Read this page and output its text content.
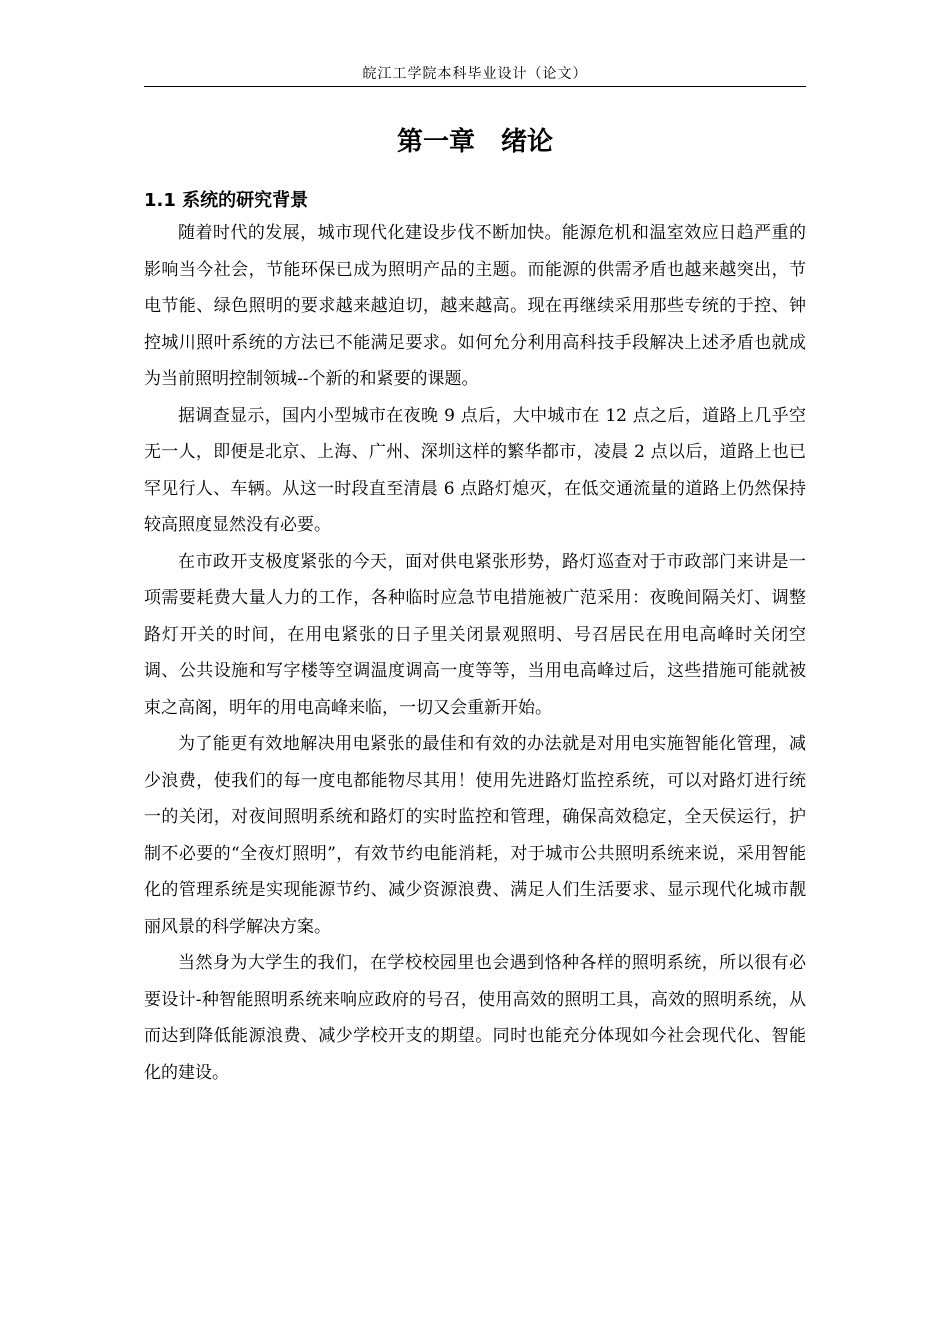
皖江工学院本科毕业设计（论文）
第一章　绪论
1.1 系统的研究背景

随着时代的发展，城市现代化建设步伐不断加快。能源危机和温室效应日趋严重的影响当今社会，节能环保已成为照明产品的主题。而能源的供需矛盾也越来越突出，节电节能、绿色照明的要求越来越迫切，越来越高。现在再继续采用那些专统的于控、钟控城川照叶系统的方法已不能满足要求。如何允分利用高科技手段解决上述矛盾也就成为当前照明控制领城--个新的和紧要的课题。

据调查显示，国内小型城市在夜晚 9 点后，大中城市在 12 点之后，道路上几乎空无一人，即便是北京、上海、广州、深圳这样的繁华都市，凌晨 2 点以后，道路上也已罕见行人、车辆。从这一时段直至清晨 6 点路灯熄灭，在低交通流量的道路上仍然保持较高照度显然没有必要。

在市政开支极度紧张的今天，面对供电紧张形势，路灯巡查对于市政部门来讲是一项需要耗费大量人力的工作，各种临时应急节电措施被广范采用：夜晚间隔关灯、调整路灯开关的时间，在用电紧张的日子里关闭景观照明、号召居民在用电高峰时关闭空调、公共设施和写字楼等空调温度调高一度等等，当用电高峰过后，这些措施可能就被束之高阁，明年的用电高峰来临，一切又会重新开始。

为了能更有效地解决用电紧张的最佳和有效的办法就是对用电实施智能化管理，减少浪费，使我们的每一度电都能物尽其用！使用先进路灯监控系统，可以对路灯进行统一的关闭，对夜间照明系统和路灯的实时监控和管理，确保高效稳定，全天侯运行，护制不必要的“全夜灯照明”，有效节约电能消耗，对于城市公共照明系统来说，采用智能化的管理系统是实现能源节约、减少资源浪费、满足人们生活要求、显示现代化城市靓丽风景的科学解决方案。

当然身为大学生的我们，在学校校园里也会遇到恪种各样的照明系统，所以很有必要设计-种智能照明系统来响应政府的号召，使用高效的照明工具，高效的照明系统，从而达到降低能源浪费、减少学校开支的期望。同时也能充分体现如今社会现代化、智能化的建设。
